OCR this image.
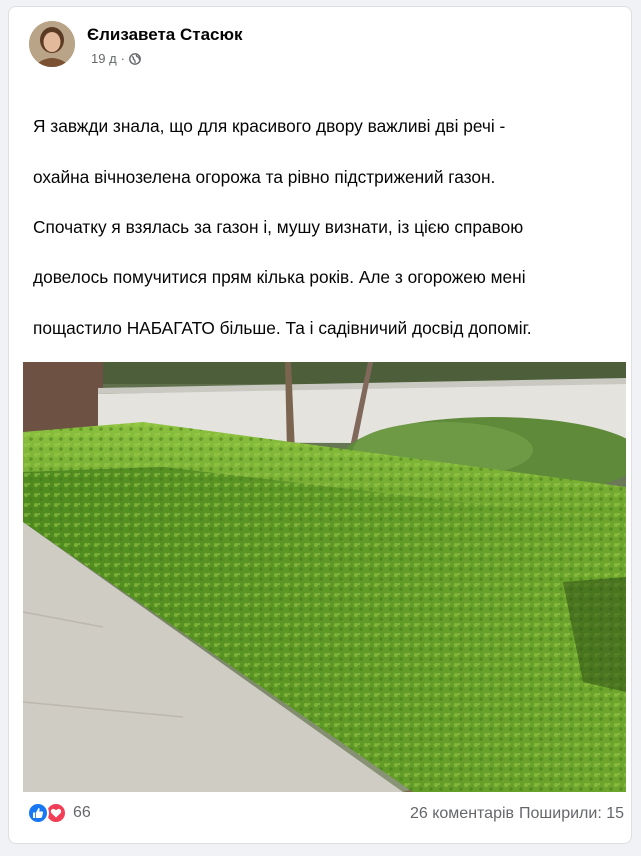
Єлизавета Стасюк
19 д ·

Я завжди знала, що для красивого двору важливі дві речі -

охайна вічнозелена огорожа та рівно підстрижений газон.

Спочатку я взялась за газон і, мушу визнати, із цією справою

довелось помучитися прям кілька років. Але з огорожею мені

пощастило НАБАГАТО більше. Та і садівничий досвід допоміг.

66	26 коментарів Поширили: 15
